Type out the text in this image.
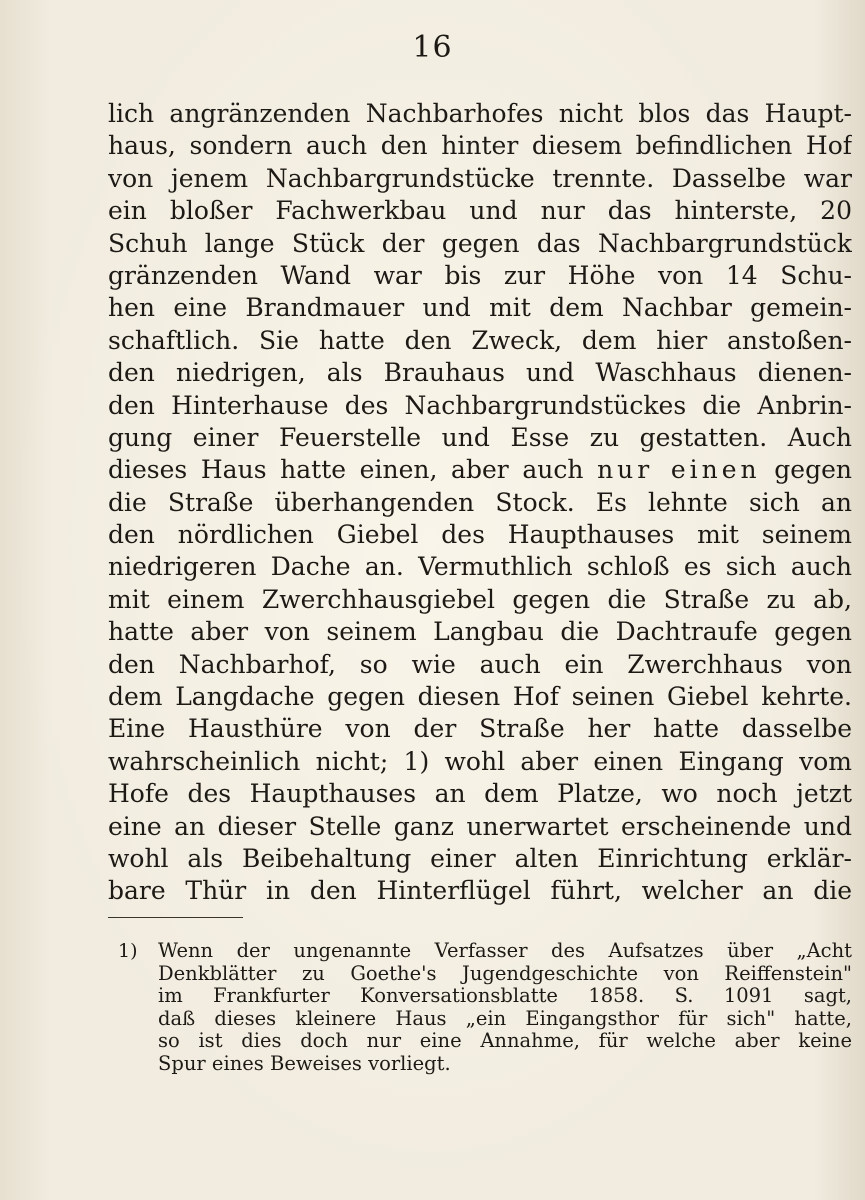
16
lich angränzenden Nachbarhofes nicht blos das Haupt-
haus, sondern auch den hinter diesem befindlichen Hof
von jenem Nachbargrundstücke trennte. Dasselbe war
ein bloßer Fachwerkbau und nur das hinterste, 20
Schuh lange Stück der gegen das Nachbargrundstück
gränzenden Wand war bis zur Höhe von 14 Schu-
hen eine Brandmauer und mit dem Nachbar gemein-
schaftlich. Sie hatte den Zweck, dem hier anstoßen-
den niedrigen, als Brauhaus und Waschhaus dienen-
den Hinterhause des Nachbargrundstückes die Anbrin-
gung einer Feuerstelle und Esse zu gestatten. Auch
dieses Haus hatte einen, aber auch nur einen gegen
die Straße überhangenden Stock. Es lehnte sich an
den nördlichen Giebel des Haupthauses mit seinem
niedrigeren Dache an. Vermuthlich schloß es sich auch
mit einem Zwerchhausgiebel gegen die Straße zu ab,
hatte aber von seinem Langbau die Dachtraufe gegen
den Nachbarhof, so wie auch ein Zwerchhaus von
dem Langdache gegen diesen Hof seinen Giebel kehrte.
Eine Hausthüre von der Straße her hatte dasselbe
wahrscheinlich nicht; 1) wohl aber einen Eingang vom
Hofe des Haupthauses an dem Platze, wo noch jetzt
eine an dieser Stelle ganz unerwartet erscheinende und
wohl als Beibehaltung einer alten Einrichtung erklär-
bare Thür in den Hinterflügel führt, welcher an die
1) Wenn der ungenannte Verfasser des Aufsatzes über „Acht
Denkblätter zu Goethe's Jugendgeschichte von Reiffenstein"
im Frankfurter Konversationsblatte 1858. S. 1091 sagt,
daß dieses kleinere Haus „ein Eingangsthor für sich" hatte,
so ist dies doch nur eine Annahme, für welche aber keine
Spur eines Beweises vorliegt.
